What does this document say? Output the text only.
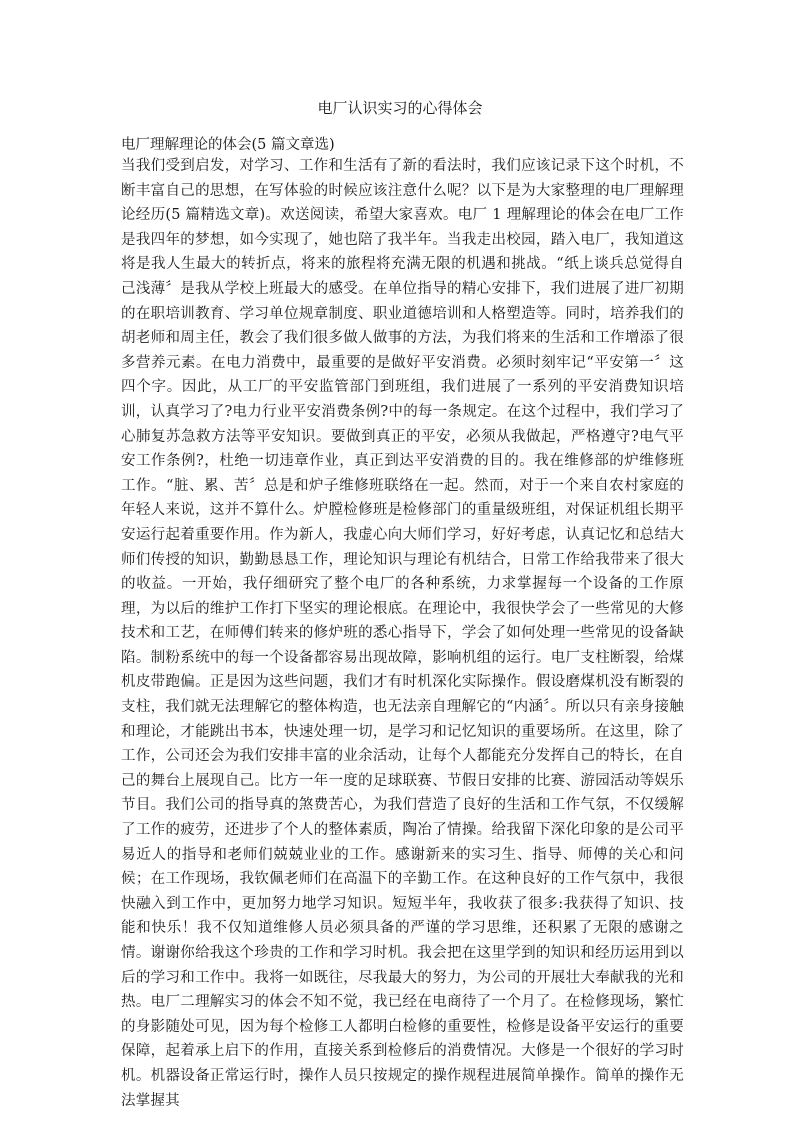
电厂认识实习的心得体会

电厂理解理论的体会(5 篇文章选)

当我们受到启发，对学习、工作和生活有了新的看法时，我们应该记录下这个时机，不断丰富自己的思想，在写体验的时候应该注意什么呢？以下是为大家整理的电厂理解理论经历(5 篇精选文章)。欢送阅读，希望大家喜欢。电厂 1 理解理论的体会在电厂工作是我四年的梦想，如今实现了，她也陪了我半年。当我走出校园，踏入电厂，我知道这将是我人生最大的转折点，将来的旅程将充满无限的机遇和挑战。“纸上谈兵总觉得自己浅薄〞是我从学校上班最大的感受。在单位指导的精心安排下，我们进展了进厂初期的在职培训教育、学习单位规章制度、职业道德培训和人格塑造等。同时，培养我们的胡老师和周主任，教会了我们很多做人做事的方法，为我们将来的生活和工作增添了很多营养元素。在电力消费中，最重要的是做好平安消费。必须时刻牢记“平安第一〞这四个字。因此，从工厂的平安监管部门到班组，我们进展了一系列的平安消费知识培训，认真学习了?电力行业平安消费条例?中的每一条规定。在这个过程中，我们学习了心肺复苏急救方法等平安知识。要做到真正的平安，必须从我做起，严格遵守?电气平安工作条例?，杜绝一切违章作业，真正到达平安消费的目的。我在维修部的炉维修班工作。“脏、累、苦〞总是和炉子维修班联络在一起。然而，对于一个来自农村家庭的年轻人来说，这并不算什么。炉膛检修班是检修部门的重量级班组，对保证机组长期平安运行起着重要作用。作为新人，我虚心向大师们学习，好好考虑，认真记忆和总结大师们传授的知识，勤勤恳恳工作，理论知识与理论有机结合，日常工作给我带来了很大的收益。一开始，我仔细研究了整个电厂的各种系统，力求掌握每一个设备的工作原理，为以后的维护工作打下坚实的理论根底。在理论中，我很快学会了一些常见的大修技术和工艺，在师傅们转来的修炉班的悉心指导下，学会了如何处理一些常见的设备缺陷。制粉系统中的每一个设备都容易出现故障，影响机组的运行。电厂支柱断裂，给煤机皮带跑偏。正是因为这些问题，我们才有时机深化实际操作。假设磨煤机没有断裂的支柱，我们就无法理解它的整体构造，也无法亲自理解它的“内涵〞。所以只有亲身接触和理论，才能跳出书本，快速处理一切，是学习和记忆知识的重要场所。在这里，除了工作，公司还会为我们安排丰富的业余活动，让每个人都能充分发挥自己的特长，在自己的舞台上展现自己。比方一年一度的足球联赛、节假日安排的比赛、游园活动等娱乐节目。我们公司的指导真的煞费苦心，为我们营造了良好的生活和工作气氛，不仅缓解了工作的疲劳，还进步了个人的整体素质，陶冶了情操。给我留下深化印象的是公司平易近人的指导和老师们兢兢业业的工作。感谢新来的实习生、指导、师傅的关心和问候；在工作现场，我钦佩老师们在高温下的辛勤工作。在这种良好的工作气氛中，我很快融入到工作中，更加努力地学习知识。短短半年，我收获了很多:我获得了知识、技能和快乐！我不仅知道维修人员必须具备的严谨的学习思维，还积累了无限的感谢之情。谢谢你给我这个珍贵的工作和学习时机。我会把在这里学到的知识和经历运用到以后的学习和工作中。我将一如既往，尽我最大的努力，为公司的开展壮大奉献我的光和热。电厂二理解实习的体会不知不觉，我已经在电商待了一个月了。在检修现场，繁忙的身影随处可见，因为每个检修工人都明白检修的重要性，检修是设备平安运行的重要保障，起着承上启下的作用，直接关系到检修后的消费情况。大修是一个很好的学习时机。机器设备正常运行时，操作人员只按规定的操作规程进展简单操作。简单的操作无法掌握其
